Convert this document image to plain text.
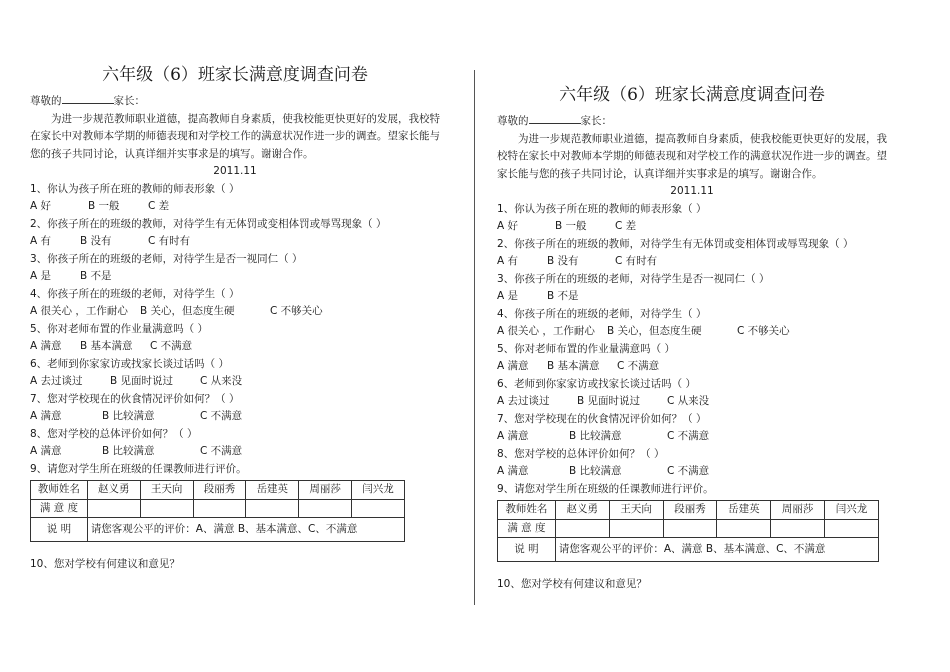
六年级（6）班家长满意度调查问卷
尊敬的	家长：
为进一步规范教师职业道德，提高教师自身素质，使我校能更快更好的发展，我校特在家长中对教师本学期的师德表现和对学校工作的满意状况作进一步的调查。望家长能与您的孩子共同讨论，认真详细并实事求是的填写。谢谢合作。
2011.11
1、你认为孩子所在班的教师的师表形象（ ）
A 好	B 一般	C 差
2、你孩子所在的班级的教师，对待学生有无体罚或变相体罚或辱骂现象（ ）
A 有	B 没有	C 有时有
3、你孩子所在的班级的老师，对待学生是否一视同仁（ ）
A 是	B 不是
4、你孩子所在的班级的老师，对待学生（ ）
A 很关心 ，工作耐心 B 关心，但态度生硬	C 不够关心
5、你对老师布置的作业量满意吗（ ）
A 满意 B 基本满意 C 不满意
6、老师到你家家访或找家长谈过话吗（ ）
A 去过谈过	B 见面时说过	C 从来没
7、您对学校现在的伙食情况评价如何？（ ）
A 满意	B 比较满意	C 不满意
8、您对学校的总体评价如何？（ ）
A 满意	B 比较满意	C 不满意
9、请您对学生所在班级的任课教师进行评价。
教师姓名	赵义勇	王天向	段丽秀	岳建英	周丽莎	闫兴龙
满 意 度						
说 明	请您客观公平的评价：A、满意 B、基本满意、C、不满意					
10、您对学校有何建议和意见？
六年级（6）班家长满意度调查问卷
尊敬的	家长：
为进一步规范教师职业道德，提高教师自身素质，使我校能更快更好的发展，我校特在家长中对教师本学期的师德表现和对学校工作的满意状况作进一步的调查。望家长能与您的孩子共同讨论，认真详细并实事求是的填写。谢谢合作。
2011.11
1、你认为孩子所在班的教师的师表形象（ ）
A 好	B 一般	C 差
2、你孩子所在的班级的教师，对待学生有无体罚或变相体罚或辱骂现象（ ）
A 有	B 没有	C 有时有
3、你孩子所在的班级的老师，对待学生是否一视同仁（ ）
A 是	B 不是
4、你孩子所在的班级的老师，对待学生（ ）
A 很关心 ，工作耐心 B 关心，但态度生硬	C 不够关心
5、你对老师布置的作业量满意吗（ ）
A 满意 B 基本满意 C 不满意
6、老师到你家家访或找家长谈过话吗（ ）
A 去过谈过	B 见面时说过	C 从来没
7、您对学校现在的伙食情况评价如何？（ ）
A 满意	B 比较满意	C 不满意
8、您对学校的总体评价如何？（ ）
A 满意	B 比较满意	C 不满意
9、请您对学生所在班级的任课教师进行评价。
教师姓名	赵义勇	王天向	段丽秀	岳建英	周丽莎	闫兴龙
满 意 度						
说 明	请您客观公平的评价：A、满意 B、基本满意、C、不满意					
10、您对学校有何建议和意见？
